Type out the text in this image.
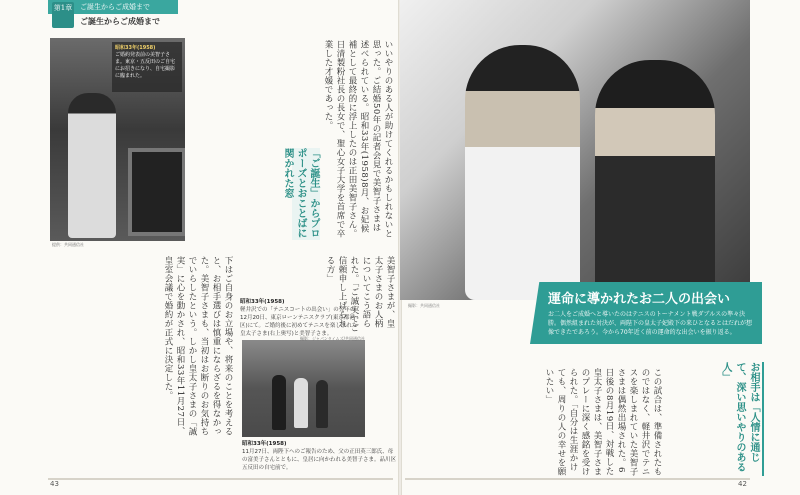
第1章 ご誕生からご成婚まで
ご誕生からご成婚まで
昭和33年(1958)
ご婚約発表前の美智子さま。東京・五反田のご自宅にお招きになり、自宅撮影に臨まれた。
提供：共同通信社
いいやりのある人が助けてくれるかもしれないと思った。ご結婚50年の記者会見で美智子さまは述べられている。昭和33年(1958)8月、お妃候補として最終的に浮上したのは正田美智子さん。日清製粉社長の長女で、聖心女子大学を首席で卒業した才媛であった。
「ご誕生」からプロポーズとおことばに関かれた窓
下はご自身のお立場や、将来のことを考えると、お相手選びは慎重にならざるを得なかった。美智子さまも、当初はお断りのお気持ちでいらしたという。しかし皇太子さまの「誠実」に心を動かされ、昭和33年11月27日、皇室会議で婚約が正式に決定した。	美智子さまが、皇太子さまのお人柄についてこう語られた。「ご誠実でご信頼申し上げられる方」
昭和33年(1958)
軽井沢での「テニスコートの出会い」の翌年の12月20日、東京ローンテニスクラブ(東京都港区)にて。ご婚約後に初めてテニスを楽しまれた皇太子さま(右上奥写)と美智子さま。
撮影：ジャパンタイムズ/共同通信社
昭和33年(1958)
11月27日、両陛下へのご報告のため、父の正田英三郎氏、母の富美子さんとともに、皇居に向かわれる美智子さま。品川区五反田の自宅前で。
撮影：共同通信社	運命に導かれたお二人の出会い
お二人をご成婚へと導いたのはテニスのトーナメント戦ダブルスの準々決勝。偶然組まれた対決が、両陛下の皇太子妃殿下の来ひとなるとはだれが想像できたであろう。今から70年近く前の運命的な出会いを振り返る。
この試合は、準備されたものではなく、軽井沢でテニスを楽しまれていた美智子さまは偶然出場された。6日後の8月19日、対戦した皇太子さまは、美智子さまのプレーに深く感銘を受けられた。「自分は生涯かけても、周りの人の幸せを願いたい」	お相手は「人情に通じて、深い思いやりのある人」
43	42
